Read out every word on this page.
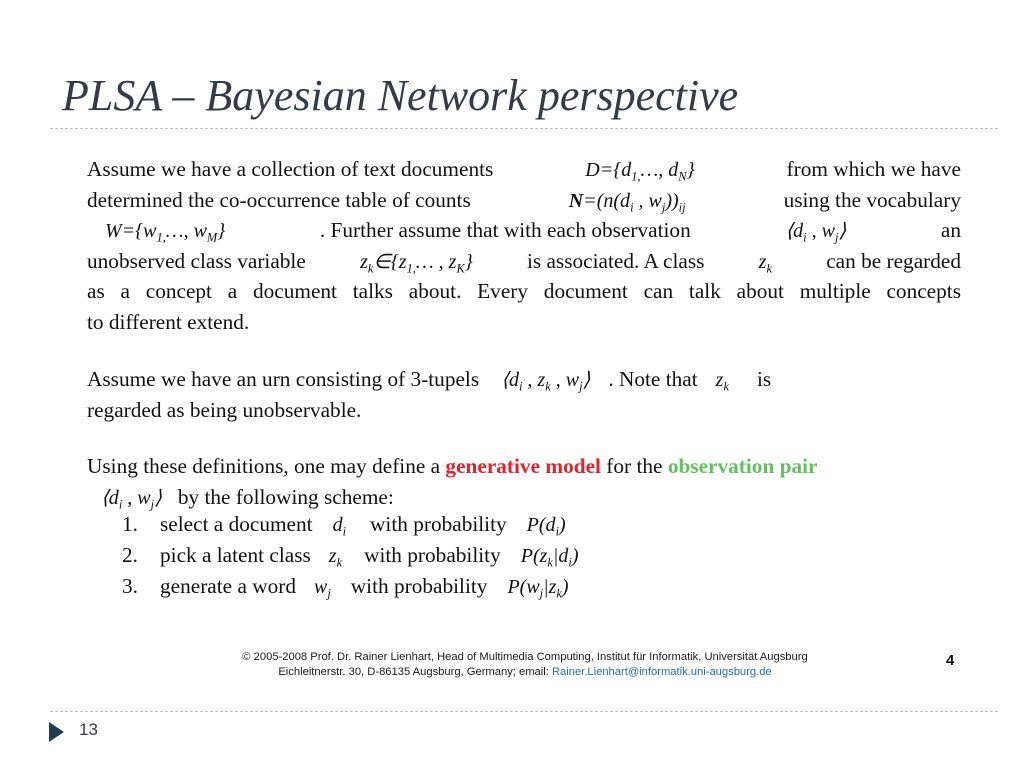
PLSA – Bayesian Network perspective
Assume we have a collection of text documents	$D=\{d_{1,}\dots$, $d_N$}	from which we have
determined the co-occurrence table of counts	$N=(n(d_i$ , $w_j))_{ij}$	using the vocabulary
$W=\{w_{1,}\dots$, $w_M$}	. Further assume that with each observation	$⟨d_i$ , $w_j⟩$	an
unobserved class variable	$z_k\in\{z_{1,}\dots$ , $z_K$}	is associated. A class	$z_k$	can be regarded
as a concept a document talks about. Every document can talk about multiple concepts
to different extend.
Assume we have an urn consisting of 3-tupels $⟨d_i$ , $z_k$ , $w_j⟩$ . Note that $z_k$ is
regarded as being unobservable.
Using these definitions, one may define a
generative model
for the
observation pair
$⟨d_i$ , $w_j⟩$ by the following scheme:
1.	select a document $d_i$ with probability $P(d_i)$
2.	pick a latent class $z_k$ with probability $P(z_k|d_i)$
3.	generate a word $w_j$ with probability $P(w_j|z_k)$
© 2005-2008 Prof. Dr. Rainer Lienhart, Head of Multimedia Computing, Institut für Informatik, Universität Augsburg
Eichleitnerstr. 30, D-86135 Augsburg, Germany; email: Rainer.Lienhart@informatik.uni-augsburg.de
4
13
